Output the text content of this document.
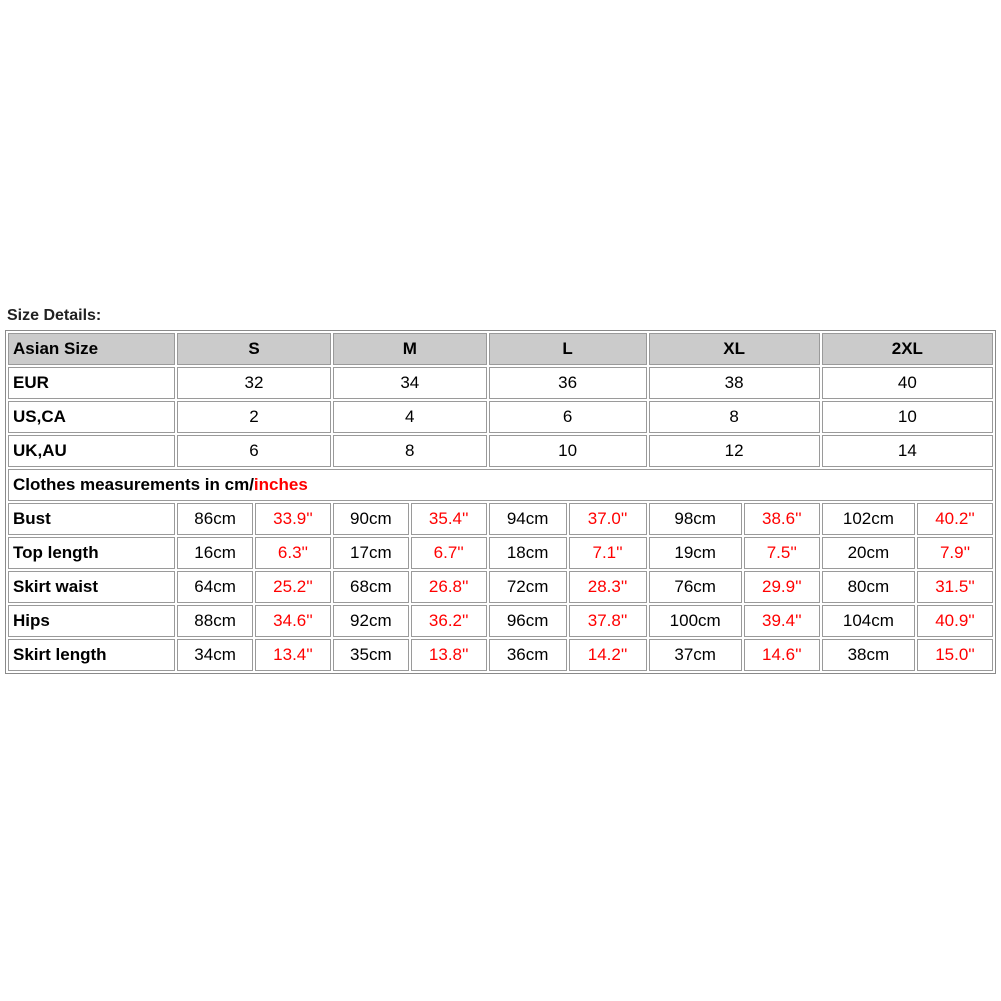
Size Details:
Asian Size	S		M		L		XL		2XL	
EUR	32		34		36		38		40	
US,CA	2		4		6		8		10	
UK,AU	6		8		10		12		14	
Clothes measurements in cm/inches										
Bust	86cm	33.9''	90cm	35.4''	94cm	37.0''	98cm	38.6''	102cm	40.2''
Top length	16cm	6.3''	17cm	6.7''	18cm	7.1''	19cm	7.5''	20cm	7.9''
Skirt waist	64cm	25.2''	68cm	26.8''	72cm	28.3''	76cm	29.9''	80cm	31.5''
Hips	88cm	34.6''	92cm	36.2''	96cm	37.8''	100cm	39.4''	104cm	40.9''
Skirt length	34cm	13.4''	35cm	13.8''	36cm	14.2''	37cm	14.6''	38cm	15.0''
